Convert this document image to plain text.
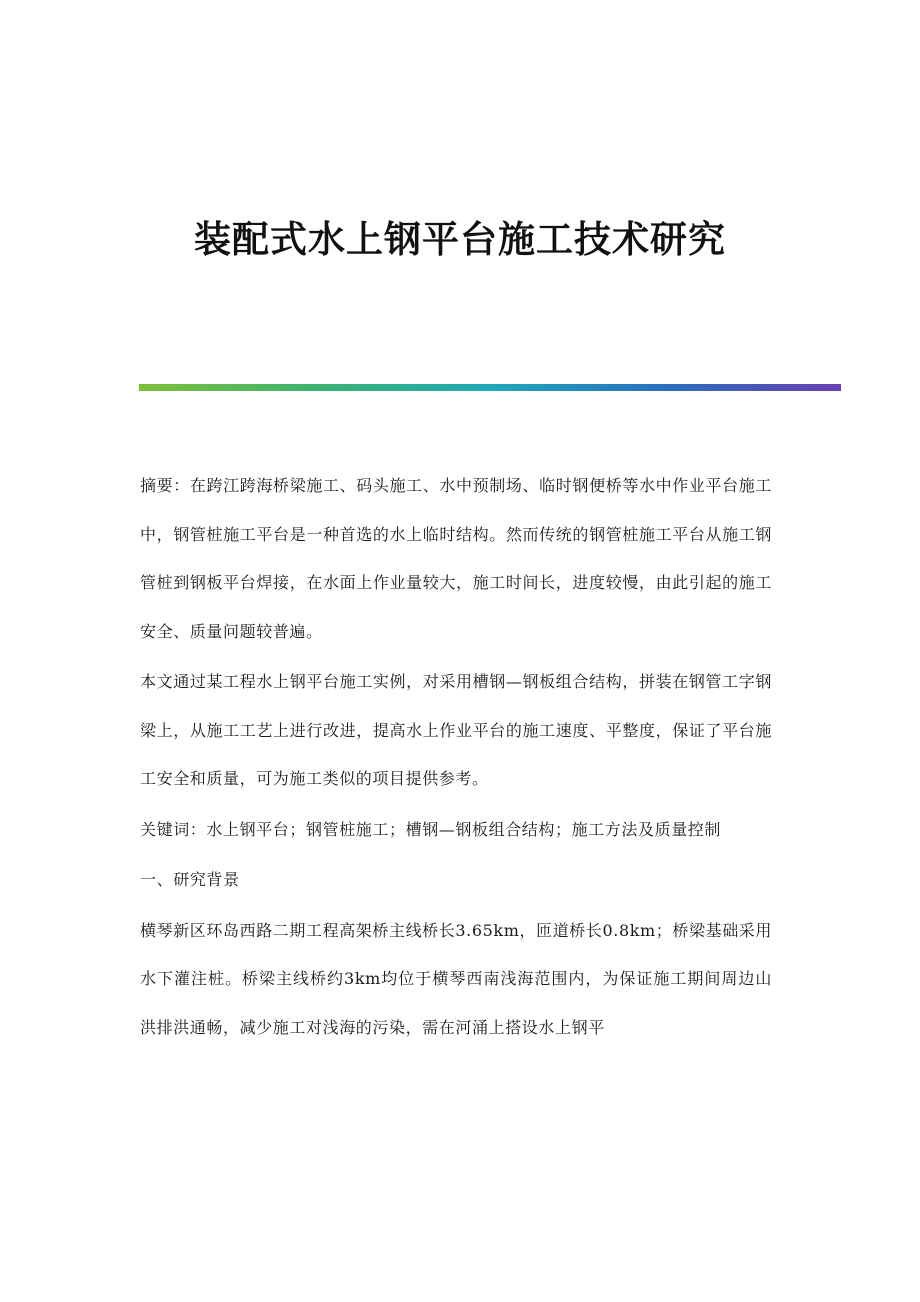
装配式水上钢平台施工技术研究

摘要：在跨江跨海桥梁施工、码头施工、水中预制场、临时钢便桥等水中作业平台施工中，钢管桩施工平台是一种首选的水上临时结构。然而传统的钢管桩施工平台从施工钢管桩到钢板平台焊接，在水面上作业量较大，施工时间长，进度较慢，由此引起的施工安全、质量问题较普遍。

本文通过某工程水上钢平台施工实例，对采用槽钢—钢板组合结构，拼装在钢管工字钢梁上，从施工工艺上进行改进，提高水上作业平台的施工速度、平整度，保证了平台施工安全和质量，可为施工类似的项目提供参考。

关键词：水上钢平台；钢管桩施工；槽钢—钢板组合结构；施工方法及质量控制

一、研究背景

横琴新区环岛西路二期工程高架桥主线桥长3.65km，匝道桥长0.8km；桥梁基础采用水下灌注桩。桥梁主线桥约3km均位于横琴西南浅海范围内，为保证施工期间周边山洪排洪通畅，减少施工对浅海的污染，需在河涌上搭设水上钢平
